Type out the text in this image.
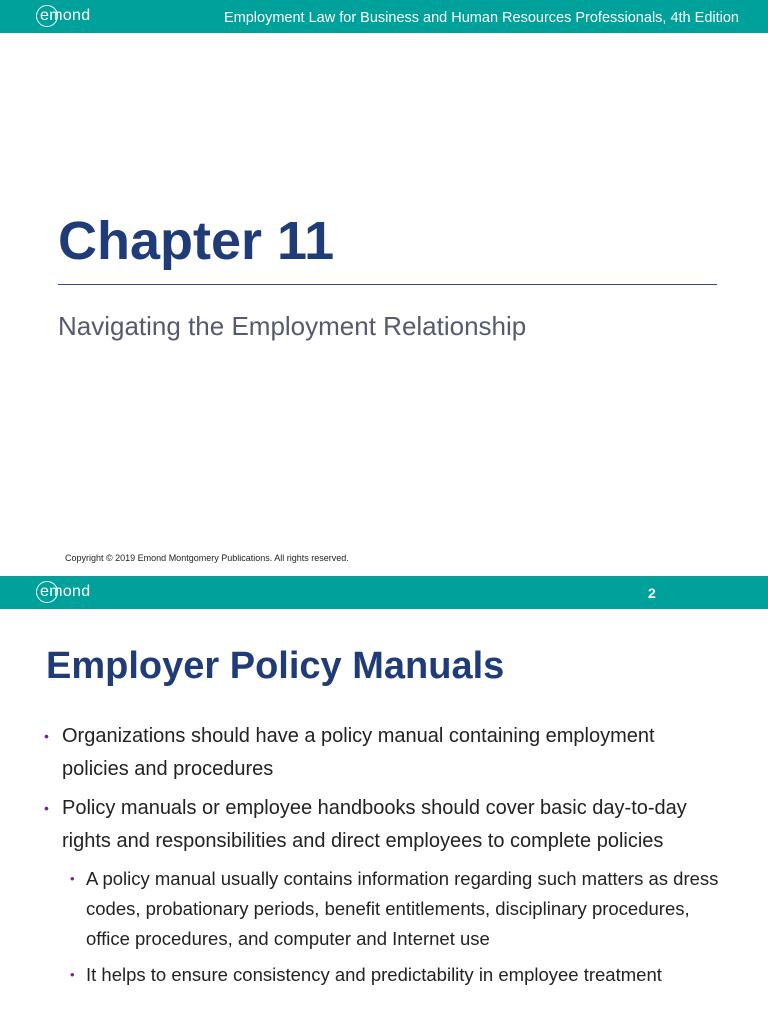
emond	Employment Law for Business and Human Resources Professionals, 4th Edition
Chapter 11
Navigating the Employment Relationship
Copyright © 2019 Emond Montgomery Publications. All rights reserved.
emond	2
Employer Policy Manuals
• Organizations should have a policy manual containing employment policies and procedures
• Policy manuals or employee handbooks should cover basic day-to-day rights and responsibilities and direct employees to complete policies
• A policy manual usually contains information regarding such matters as dress codes, probationary periods, benefit entitlements, disciplinary procedures, office procedures, and computer and Internet use
• It helps to ensure consistency and predictability in employee treatment
